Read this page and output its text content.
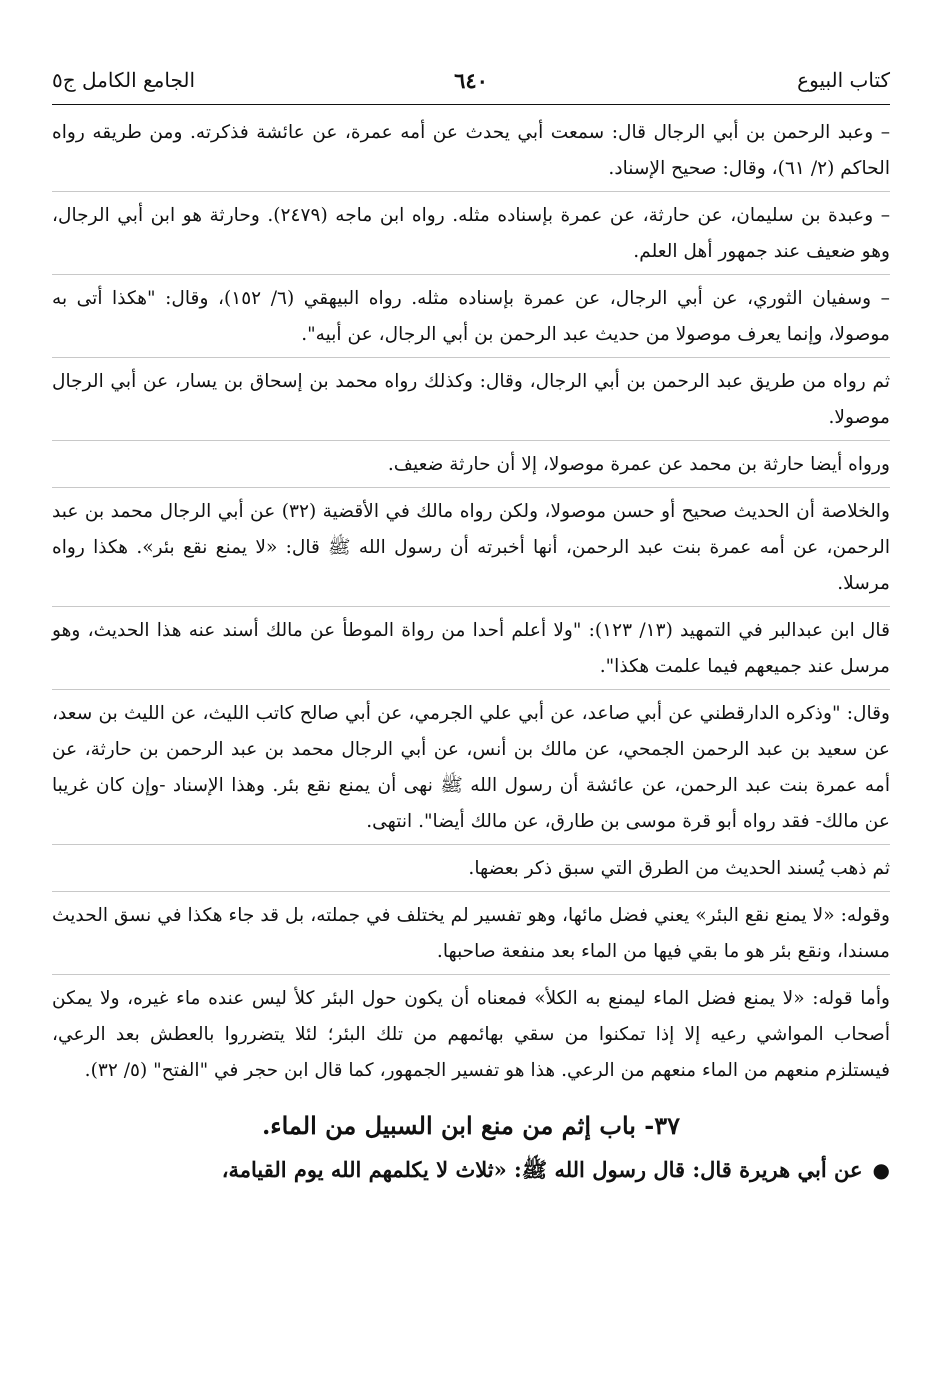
كتاب البيوع
٦٤٠
الجامع الكامل ج٥

– وعبد الرحمن بن أبي الرجال قال: سمعت أبي يحدث عن أمه عمرة، عن عائشة فذكرته. ومن طريقه رواه الحاكم (٢/ ٦١)، وقال: صحيح الإسناد.

– وعبدة بن سليمان، عن حارثة، عن عمرة بإسناده مثله. رواه ابن ماجه (٢٤٧٩). وحارثة هو ابن أبي الرجال، وهو ضعيف عند جمهور أهل العلم.

– وسفيان الثوري، عن أبي الرجال، عن عمرة بإسناده مثله. رواه البيهقي (٦/ ١٥٢)، وقال: "هكذا أتى به موصولا، وإنما يعرف موصولا من حديث عبد الرحمن بن أبي الرجال، عن أبيه".

ثم رواه من طريق عبد الرحمن بن أبي الرجال، وقال: وكذلك رواه محمد بن إسحاق بن يسار، عن أبي الرجال موصولا.

ورواه أيضا حارثة بن محمد عن عمرة موصولا، إلا أن حارثة ضعيف.

والخلاصة أن الحديث صحيح أو حسن موصولا، ولكن رواه مالك في الأقضية (٣٢) عن أبي الرجال محمد بن عبد الرحمن، عن أمه عمرة بنت عبد الرحمن، أنها أخبرته أن رسول الله ﷺ قال: «لا يمنع نقع بئر». هكذا رواه مرسلا.

قال ابن عبدالبر في التمهيد (١٣/ ١٢٣): "ولا أعلم أحدا من رواة الموطأ عن مالك أسند عنه هذا الحديث، وهو مرسل عند جميعهم فيما علمت هكذا".

وقال: "وذكره الدارقطني عن أبي صاعد، عن أبي علي الجرمي، عن أبي صالح كاتب الليث، عن الليث بن سعد، عن سعيد بن عبد الرحمن الجمحي، عن مالك بن أنس، عن أبي الرجال محمد بن عبد الرحمن بن حارثة، عن أمه عمرة بنت عبد الرحمن، عن عائشة أن رسول الله ﷺ نهى أن يمنع نقع بئر. وهذا الإسناد -وإن كان غريبا عن مالك- فقد رواه أبو قرة موسى بن طارق، عن مالك أيضا". انتهى.

ثم ذهب يُسند الحديث من الطرق التي سبق ذكر بعضها.

وقوله: «لا يمنع نقع البئر» يعني فضل مائها، وهو تفسير لم يختلف في جملته، بل قد جاء هكذا في نسق الحديث مسندا، ونقع بئر هو ما بقي فيها من الماء بعد منفعة صاحبها.

وأما قوله: «لا يمنع فضل الماء ليمنع به الكلأ» فمعناه أن يكون حول البئر كلأ ليس عنده ماء غيره، ولا يمكن أصحاب المواشي رعيه إلا إذا تمكنوا من سقي بهائمهم من تلك البئر؛ لئلا يتضرروا بالعطش بعد الرعي، فيستلزم منعهم من الماء منعهم من الرعي. هذا هو تفسير الجمهور، كما قال ابن حجر في "الفتح" (٥/ ٣٢).

٣٧- باب إثم من منع ابن السبيل من الماء.

●عن أبي هريرة قال: قال رسول الله ﷺ: «ثلاث لا يكلمهم الله يوم القيامة،
